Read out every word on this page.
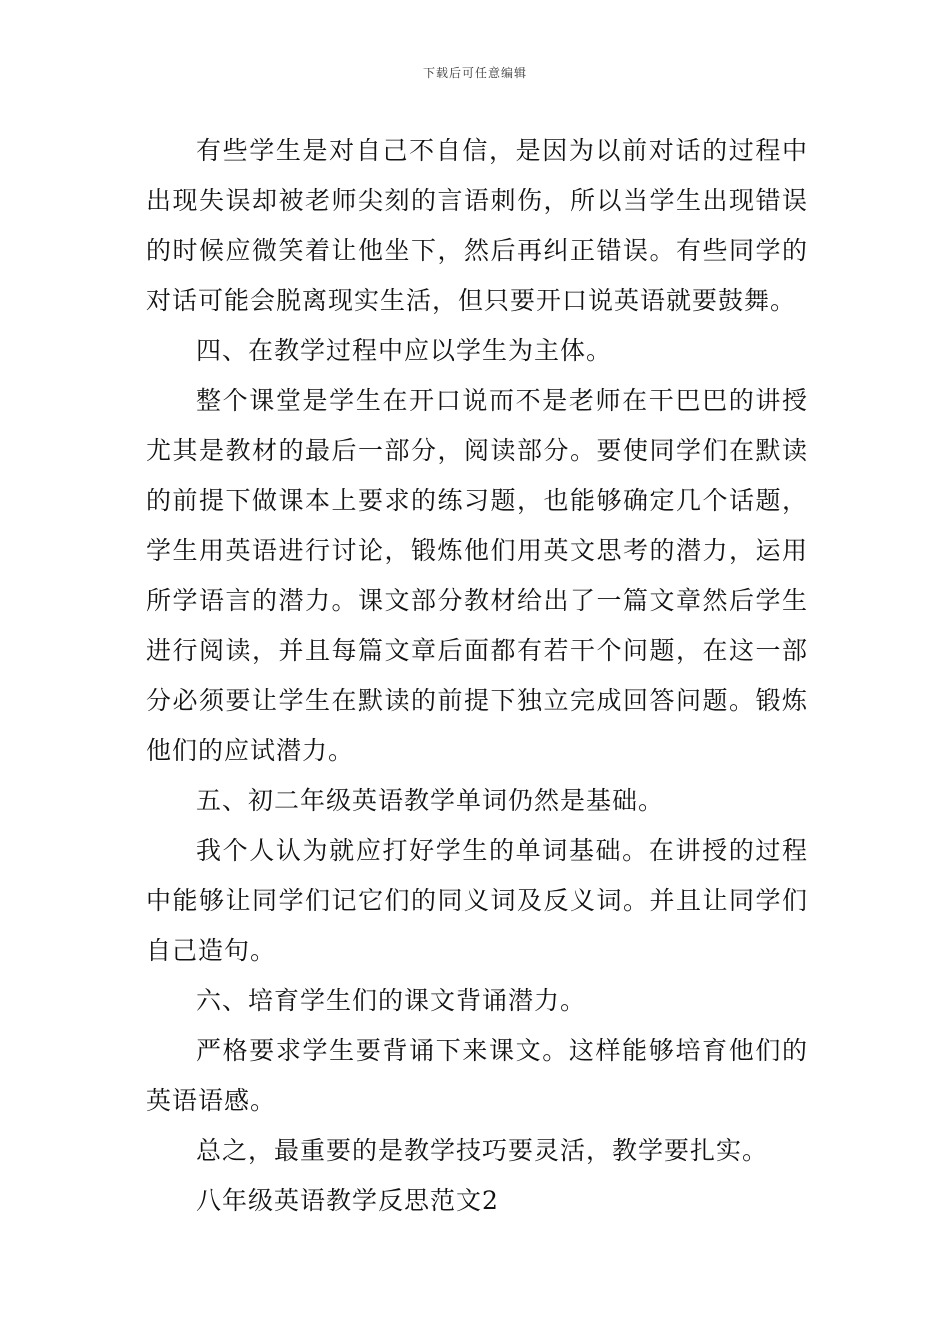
下载后可任意编辑

有些学生是对自己不自信，是因为以前对话的过程中出现失误却被老师尖刻的言语刺伤，所以当学生出现错误的时候应微笑着让他坐下，然后再纠正错误。有些同学的对话可能会脱离现实生活，但只要开口说英语就要鼓舞。

四、在教学过程中应以学生为主体。

整个课堂是学生在开口说而不是老师在干巴巴的讲授尤其是教材的最后一部分，阅读部分。要使同学们在默读的前提下做课本上要求的练习题，也能够确定几个话题，学生用英语进行讨论，锻炼他们用英文思考的潜力，运用所学语言的潜力。课文部分教材给出了一篇文章然后学生进行阅读，并且每篇文章后面都有若干个问题，在这一部分必须要让学生在默读的前提下独立完成回答问题。锻炼他们的应试潜力。

五、初二年级英语教学单词仍然是基础。

我个人认为就应打好学生的单词基础。在讲授的过程中能够让同学们记它们的同义词及反义词。并且让同学们自己造句。

六、培育学生们的课文背诵潜力。

严格要求学生要背诵下来课文。这样能够培育他们的英语语感。

总之，最重要的是教学技巧要灵活，教学要扎实。

八年级英语教学反思范文2
